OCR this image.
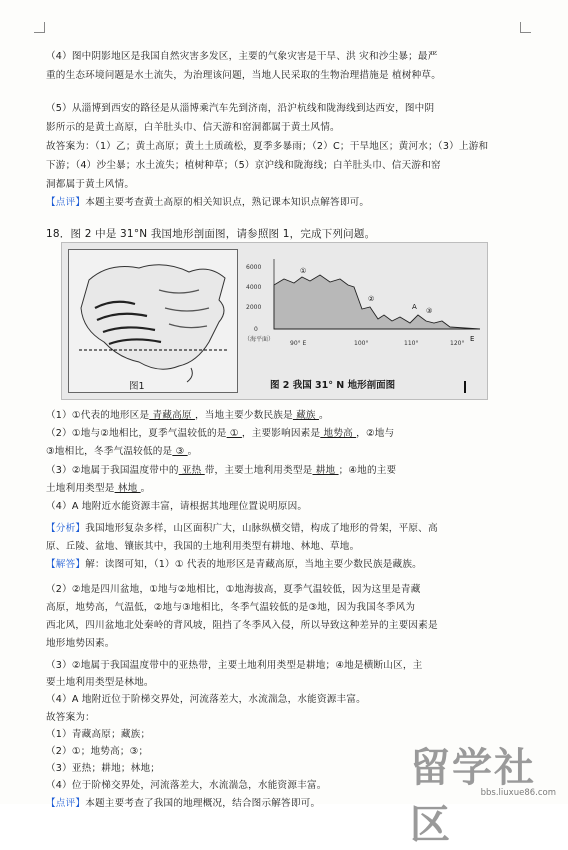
（4）图中阴影地区是我国自然灾害多发区，主要的气象灾害是干旱、洪 灾和沙尘暴；最严
重的生态环境问题是水土流失，为治理该问题，当地人民采取的生物治理措施是 植树种草。
（5）从淄博到西安的路径是从淄博乘汽车先到济南，沿沪杭线和陇海线到达西安，图中阴
影所示的是黄土高原，白羊肚头巾、信天游和窑洞都属于黄土风情。
故答案为：（1）乙；黄土高原；黄土土质疏松，夏季多暴雨；（2）C；干旱地区；黄河水；（3）上游和
下游；（4）沙尘暴；水土流失；植树种草；（5）京沪线和陇海线；白羊肚头巾、信天游和窑
洞都属于黄土风情。
【点评】本题主要考查黄土高原的相关知识点，熟记课本知识点解答即可。
18．图 2 中是 31°N 我国地形剖面图，请参照图 1，完成下列问题。
（1）①代表的地形区是 青藏高原 ，当地主要少数民族是 藏族 。
（2）①地与②地相比，夏季气温较低的是 ① ，主要影响因素是 地势高 ，②地与
③地相比，冬季气温较低的是 ③ 。
（3）②地属于我国温度带中的 亚热 带，主要土地利用类型是 耕地 ；④地的主要
土地利用类型是 林地 。
（4）A 地附近水能资源丰富，请根据其地理位置说明原因。
【分析】我国地形复杂多样，山区面积广大，山脉纵横交错，构成了地形的骨架，平原、高
原、丘陵、盆地、镶嵌其中，我国的土地利用类型有耕地、林地、草地。
【解答】解：读图可知，（1）① 代表的地形区是青藏高原，当地主要少数民族是藏族。
（2）②地是四川盆地，①地与②地相比，①地海拔高，夏季气温较低，因为这里是青藏
高原，地势高，气温低，②地与③地相比，冬季气温较低的是③地，因为我国冬季风为
西北风，四川盆地北处秦岭的背风坡，阻挡了冬季风入侵，所以导致这种差异的主要因素是
地形地势因素。
（3）②地属于我国温度带中的亚热带，主要土地利用类型是耕地；④地是横断山区，主
要土地利用类型是林地。
（4）A 地附近位于阶梯交界处，河流落差大，水流湍急，水能资源丰富。
故答案为：
（1）青藏高原；藏族；
（2）①；地势高；③；
（3）亚热；耕地；林地；
（4）位于阶梯交界处，河流落差大，水流湍急，水能资源丰富。
【点评】本题主要考查了我国的地理概况，结合图示解答即可。
图1
6000
4000
2000
0
（海平面）
90° E	100°	110°	120°
①
②
③
A
E
图 2 我国 31° N 地形剖面图
留学社区
bbs.liuxue86.com
